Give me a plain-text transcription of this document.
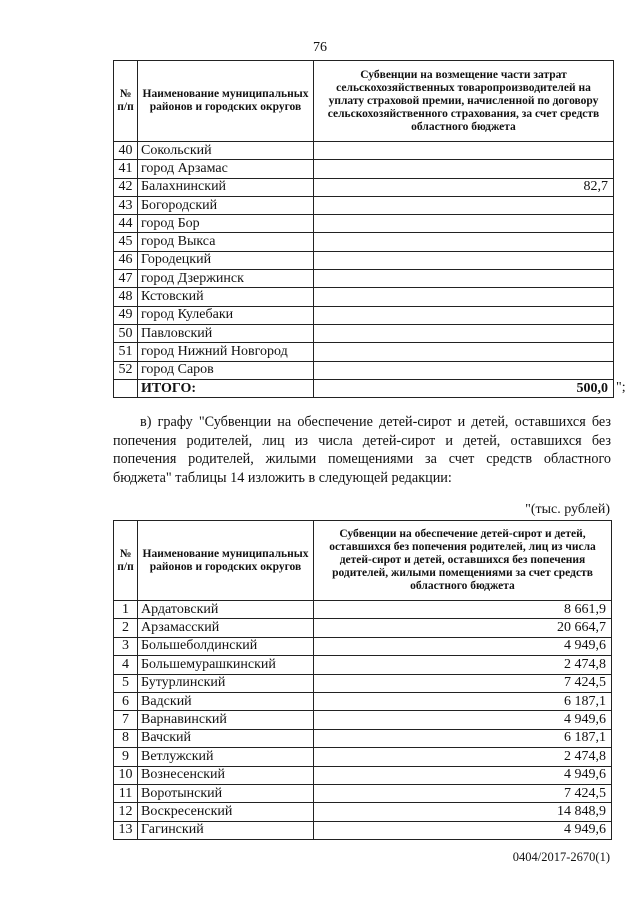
76
№ п/п	Наименование муниципальных районов и городских округов	Субвенции на возмещение части затрат сельскохозяйственных товаропроизводителей на уплату страховой премии, начисленной по договору сельскохозяйственного страхования, за счет средств областного бюджета
40	Сокольский	
41	город Арзамас	
42	Балахнинский	82,7
43	Богородский	
44	город Бор	
45	город Выкса	
46	Городецкий	
47	город Дзержинск	
48	Кстовский	
49	город Кулебаки	
50	Павловский	
51	город Нижний Новгород	
52	город Саров	
	ИТОГО:	500,0 ";

в) графу "Субвенции на обеспечение детей-сирот и детей, оставшихся без попечения родителей, лиц из числа детей-сирот и детей, оставшихся без попечения родителей, жилыми помещениями за счет средств областного бюджета" таблицы 14 изложить в следующей редакции:

"(тыс. рублей)
№ п/п	Наименование муниципальных районов и городских округов	Субвенции на обеспечение детей-сирот и детей, оставшихся без попечения родителей, лиц из числа детей-сирот и детей, оставшихся без попечения родителей, жилыми помещениями за счет средств областного бюджета
1	Ардатовский	8 661,9
2	Арзамасский	20 664,7
3	Большеболдинский	4 949,6
4	Большемурашкинский	2 474,8
5	Бутурлинский	7 424,5
6	Вадский	6 187,1
7	Варнавинский	4 949,6
8	Вачский	6 187,1
9	Ветлужский	2 474,8
10	Вознесенский	4 949,6
11	Воротынский	7 424,5
12	Воскресенский	14 848,9
13	Гагинский	4 949,6
0404/2017-2670(1)
